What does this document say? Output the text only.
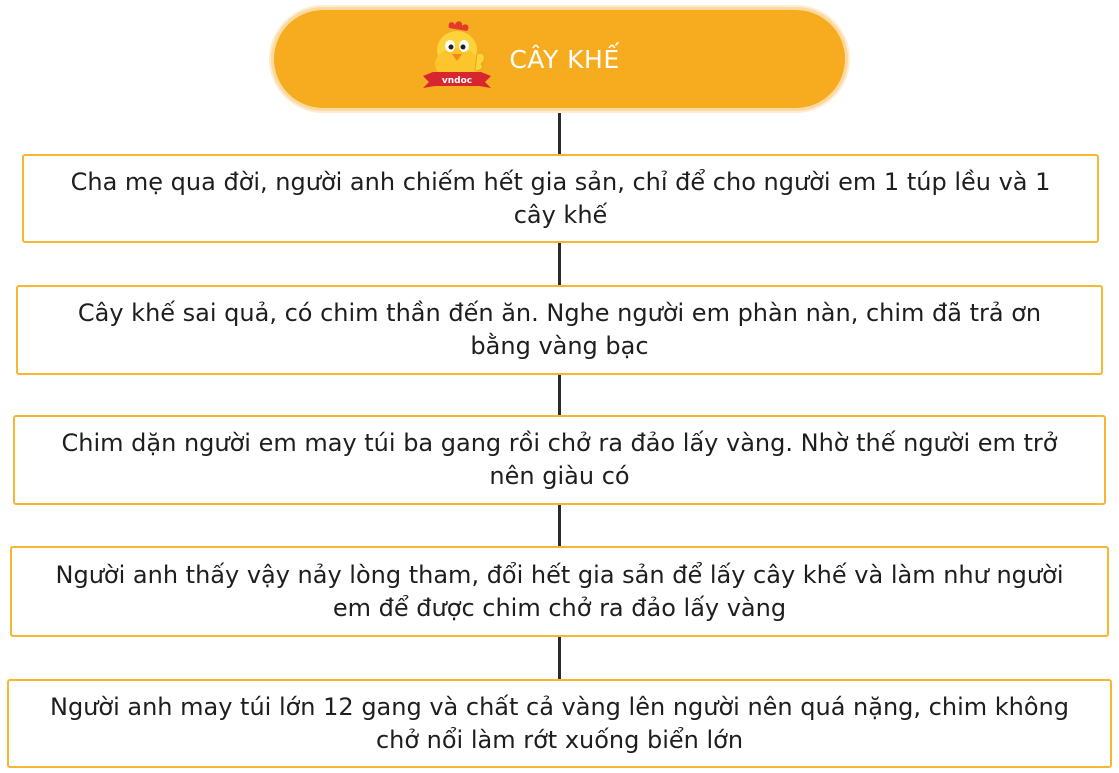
vndoc
CÂY KHẾ
Cha mẹ qua đời, người anh chiếm hết gia sản, chỉ để cho người em 1 túp lều và 1 cây khế
Cây khế sai quả, có chim thần đến ăn. Nghe người em phàn nàn, chim đã trả ơn bằng vàng bạc
Chim dặn người em may túi ba gang rồi chở ra đảo lấy vàng. Nhờ thế người em trở nên giàu có
Người anh thấy vậy nảy lòng tham, đổi hết gia sản để lấy cây khế và làm như người em để được chim chở ra đảo lấy vàng
Người anh may túi lớn 12 gang và chất cả vàng lên người nên quá nặng, chim không chở nổi làm rớt xuống biển lớn
